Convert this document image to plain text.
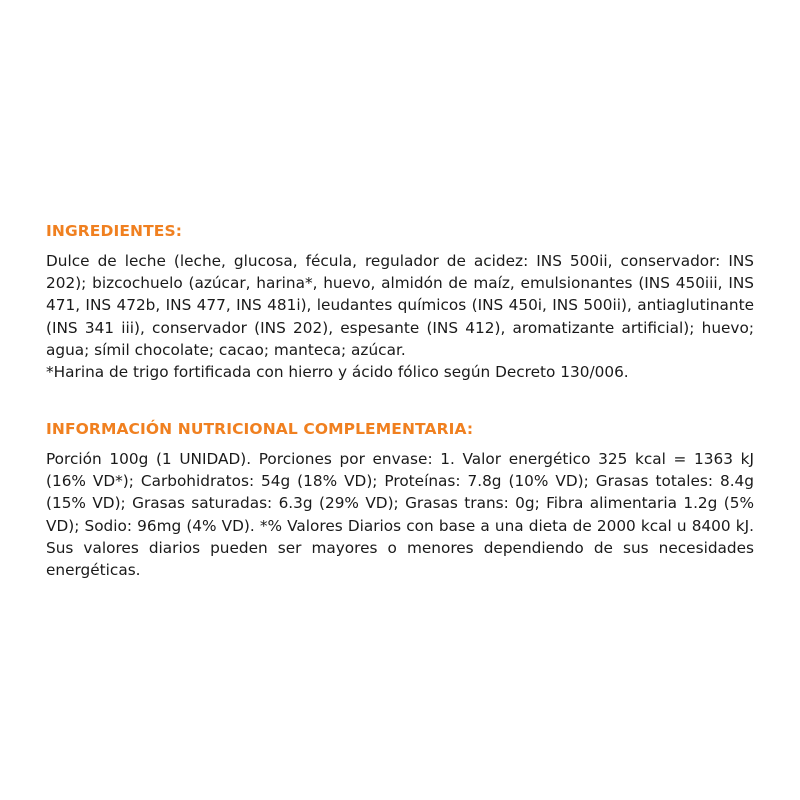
INGREDIENTES:

Dulce de leche (leche, glucosa, fécula, regulador de acidez: INS 500ii, conservador: INS 202); bizcochuelo (azúcar, harina*, huevo, almidón de maíz, emulsionantes (INS 450iii, INS 471, INS 472b, INS 477, INS 481i), leudantes químicos (INS 450i, INS 500ii), antiaglutinante (INS 341 iii), conservador (INS 202), espesante (INS 412), aromatizante artificial); huevo; agua; símil chocolate; cacao; manteca; azúcar.

*Harina de trigo fortificada con hierro y ácido fólico según Decreto 130/006.

INFORMACIÓN NUTRICIONAL COMPLEMENTARIA:

Porción 100g (1 UNIDAD). Porciones por envase: 1. Valor energético 325 kcal = 1363 kJ (16% VD*); Carbohidratos: 54g (18% VD); Proteínas: 7.8g (10% VD); Grasas totales: 8.4g (15% VD); Grasas saturadas: 6.3g (29% VD); Grasas trans: 0g; Fibra alimentaria 1.2g (5% VD); Sodio: 96mg (4% VD). *% Valores Diarios con base a una dieta de 2000 kcal u 8400 kJ. Sus valores diarios pueden ser mayores o menores dependiendo de sus necesidades energéticas.
